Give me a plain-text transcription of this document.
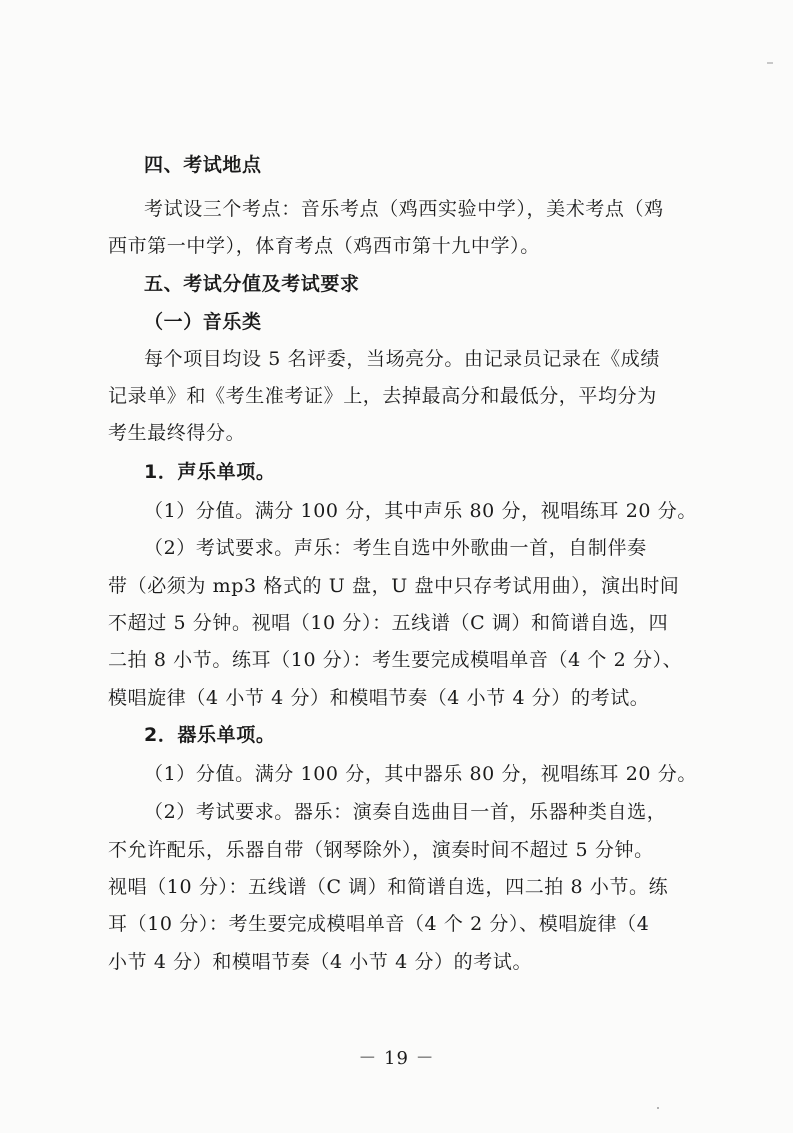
四、考试地点
考试设三个考点：音乐考点（鸡西实验中学），美术考点（鸡
西市第一中学），体育考点（鸡西市第十九中学）。
五、考试分值及考试要求
（一）音乐类
每个项目均设 5 名评委，当场亮分。由记录员记录在《成绩
记录单》和《考生准考证》上，去掉最高分和最低分，平均分为
考生最终得分。
1．声乐单项。
（1）分值。满分 100 分，其中声乐 80 分，视唱练耳 20 分。
（2）考试要求。声乐：考生自选中外歌曲一首，自制伴奏
带（必须为 mp3 格式的 U 盘，U 盘中只存考试用曲），演出时间
不超过 5 分钟。视唱（10 分）：五线谱（C 调）和简谱自选，四
二拍 8 小节。练耳（10 分）：考生要完成模唱单音（4 个 2 分）、
模唱旋律（4 小节 4 分）和模唱节奏（4 小节 4 分）的考试。
2．器乐单项。
（1）分值。满分 100 分，其中器乐 80 分，视唱练耳 20 分。
（2）考试要求。器乐：演奏自选曲目一首，乐器种类自选，
不允许配乐，乐器自带（钢琴除外），演奏时间不超过 5 分钟。
视唱（10 分）：五线谱（C 调）和简谱自选，四二拍 8 小节。练
耳（10 分）：考生要完成模唱单音（4 个 2 分）、模唱旋律（4
小节 4 分）和模唱节奏（4 小节 4 分）的考试。
－ 19 －
